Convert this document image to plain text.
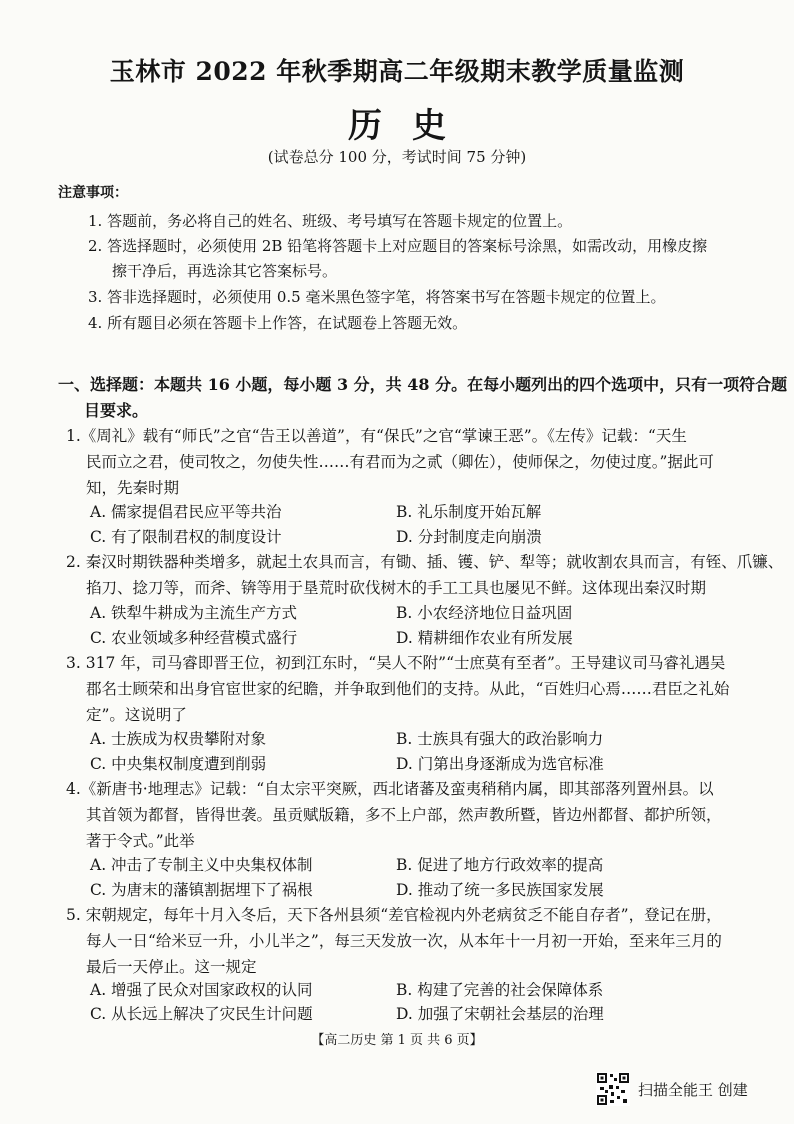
玉林市 2022 年秋季期高二年级期末教学质量监测
历史
(试卷总分 100 分，考试时间 75 分钟)
注意事项：
1. 答题前，务必将自己的姓名、班级、考号填写在答题卡规定的位置上。
2. 答选择题时，必须使用 2B 铅笔将答题卡上对应题目的答案标号涂黑，如需改动，用橡皮擦
擦干净后，再选涂其它答案标号。
3. 答非选择题时，必须使用 0.5 毫米黑色签字笔，将答案书写在答题卡规定的位置上。
4. 所有题目必须在答题卡上作答，在试题卷上答题无效。
一、选择题：本题共 16 小题，每小题 3 分，共 48 分。在每小题列出的四个选项中，只有一项符合题
目要求。
1.《周礼》载有“师氏”之官“告王以善道”，有“保氏”之官“掌谏王恶”。《左传》记载：“天生
民而立之君，使司牧之，勿使失性……有君而为之贰（卿佐），使师保之，勿使过度。”据此可
知，先秦时期
A. 儒家提倡君民应平等共治	B. 礼乐制度开始瓦解
C. 有了限制君权的制度设计	D. 分封制度走向崩溃
2. 秦汉时期铁器种类增多，就起土农具而言，有锄、插、镬、铲、犁等；就收割农具而言，有铚、爪镰、
掐刀、捻刀等，而斧、锛等用于垦荒时砍伐树木的手工工具也屡见不鲜。这体现出秦汉时期
A. 铁犁牛耕成为主流生产方式	B. 小农经济地位日益巩固
C. 农业领域多种经营模式盛行	D. 精耕细作农业有所发展
3. 317 年，司马睿即晋王位，初到江东时，“吴人不附”“士庶莫有至者”。王导建议司马睿礼遇吴
郡名士顾荣和出身官宦世家的纪瞻，并争取到他们的支持。从此，“百姓归心焉……君臣之礼始
定”。这说明了
A. 士族成为权贵攀附对象	B. 士族具有强大的政治影响力
C. 中央集权制度遭到削弱	D. 门第出身逐渐成为选官标准
4.《新唐书·地理志》记载：“自太宗平突厥，西北诸蕃及蛮夷稍稍内属，即其部落列置州县。以
其首领为都督，皆得世袭。虽贡赋版籍，多不上户部，然声教所暨，皆边州都督、都护所领，
著于令式。”此举
A. 冲击了专制主义中央集权体制	B. 促进了地方行政效率的提高
C. 为唐末的藩镇割据埋下了祸根	D. 推动了统一多民族国家发展
5. 宋朝规定，每年十月入冬后，天下各州县须“差官检视内外老病贫乏不能自存者”，登记在册，
每人一日“给米豆一升，小儿半之”，每三天发放一次，从本年十一月初一开始，至来年三月的
最后一天停止。这一规定
A. 增强了民众对国家政权的认同	B. 构建了完善的社会保障体系
C. 从长远上解决了灾民生计问题	D. 加强了宋朝社会基层的治理
【高二历史 第 1 页 共 6 页】
扫描全能王 创建
